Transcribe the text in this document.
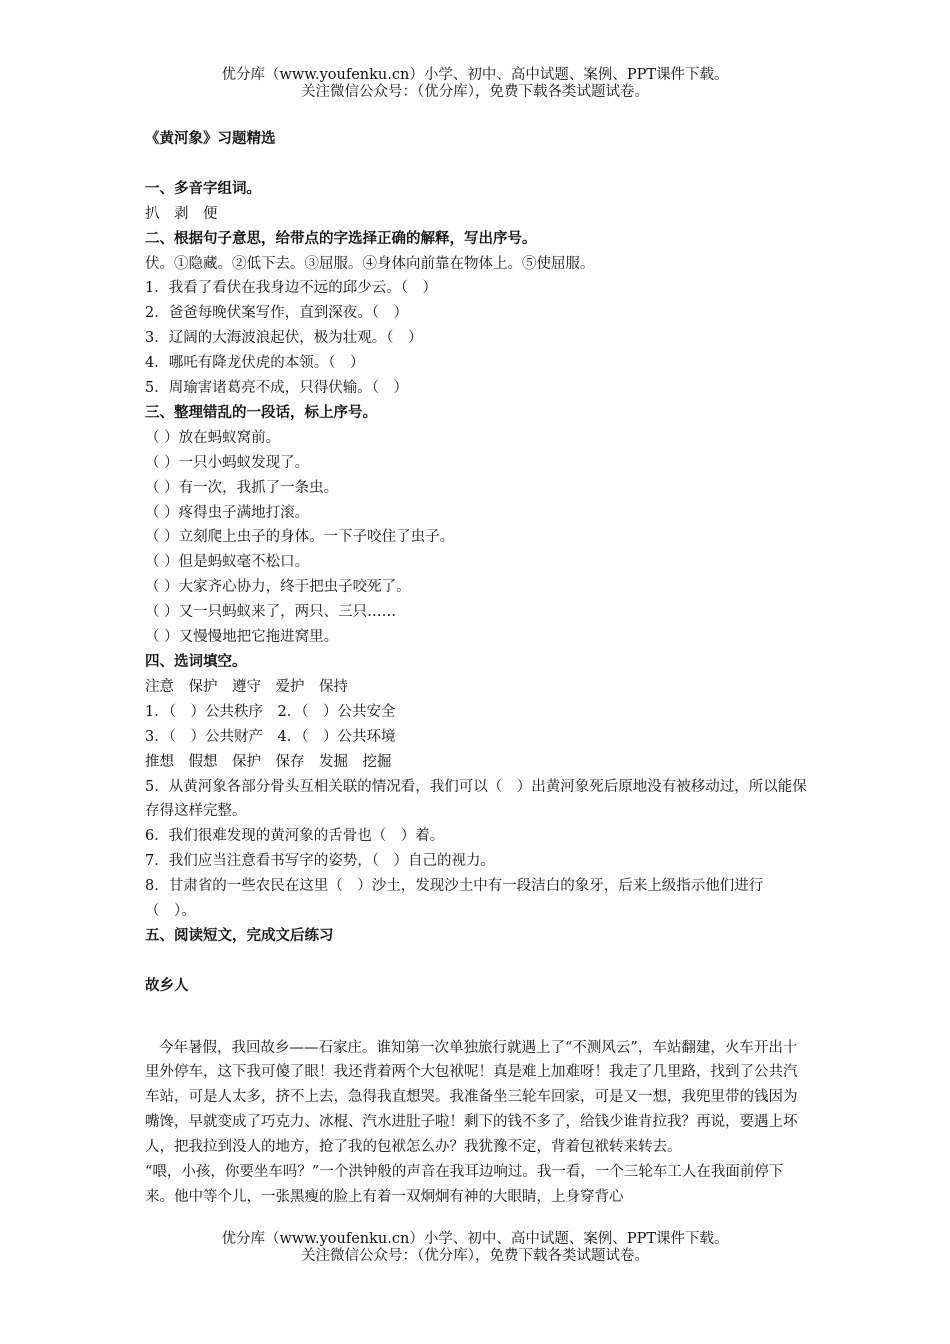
优分库（www.youfenku.cn）小学、初中、高中试题、案例、PPT课件下载。
关注微信公众号：（优分库），免费下载各类试题试卷。
《黄河象》习题精选
一、多音字组词。
扒　剥　便
二、根据句子意思，给带点的字选择正确的解释，写出序号。
伏。①隐藏。②低下去。③屈服。④身体向前靠在物体上。⑤使屈服。
1．我看了看伏在我身边不远的邱少云。（　）
2．爸爸每晚伏案写作，直到深夜。（　）
3．辽阔的大海波浪起伏，极为壮观。（　）
4．哪吒有降龙伏虎的本领。（　）
5．周瑜害诸葛亮不成，只得伏输。（　）
三、整理错乱的一段话，标上序号。
（ ）放在蚂蚁窝前。
（ ）一只小蚂蚁发现了。
（ ）有一次，我抓了一条虫。
（ ）疼得虫子满地打滚。
（ ）立刻爬上虫子的身体。一下子咬住了虫子。
（ ）但是蚂蚁毫不松口。
（ ）大家齐心协力，终于把虫子咬死了。
（ ）又一只蚂蚁来了，两只、三只……
（ ）又慢慢地把它拖进窝里。
四、选词填空。
注意　保护　遵守　爱护　保持
1．（　）公共秩序　2．（　）公共安全
3．（　）公共财产　4．（　）公共环境
推想　假想　保护　保存　发掘　挖掘
5．从黄河象各部分骨头互相关联的情况看，我们可以（　）出黄河象死后原地没有被移动过，所以能保存得这样完整。
6．我们很难发现的黄河象的舌骨也（　）着。
7．我们应当注意看书写字的姿势，（　）自己的视力。
8．甘肃省的一些农民在这里（　）沙土，发现沙土中有一段洁白的象牙，后来上级指示他们进行（　）。
五、阅读短文，完成文后练习
故乡人
今年暑假，我回故乡——石家庄。谁知第一次单独旅行就遇上了“不测风云”，车站翻建，火车开出十里外停车，这下我可傻了眼！我还背着两个大包袱呢！真是难上加难呀！我走了几里路，找到了公共汽车站，可是人太多，挤不上去，急得我直想哭。我准备坐三轮车回家，可是又一想，我兜里带的钱因为嘴馋，早就变成了巧克力、冰棍、汽水进肚子啦！剩下的钱不多了，给钱少谁肯拉我？再说，要遇上坏人，把我拉到没人的地方，抢了我的包袱怎么办？我犹豫不定，背着包袱转来转去。
“喂，小孩，你要坐车吗？”一个洪钟般的声音在我耳边响过。我一看，一个三轮车工人在我面前停下来。他中等个儿，一张黑瘦的脸上有着一双炯炯有神的大眼睛，上身穿背心
优分库（www.youfenku.cn）小学、初中、高中试题、案例、PPT课件下载。
关注微信公众号：（优分库），免费下载各类试题试卷。
